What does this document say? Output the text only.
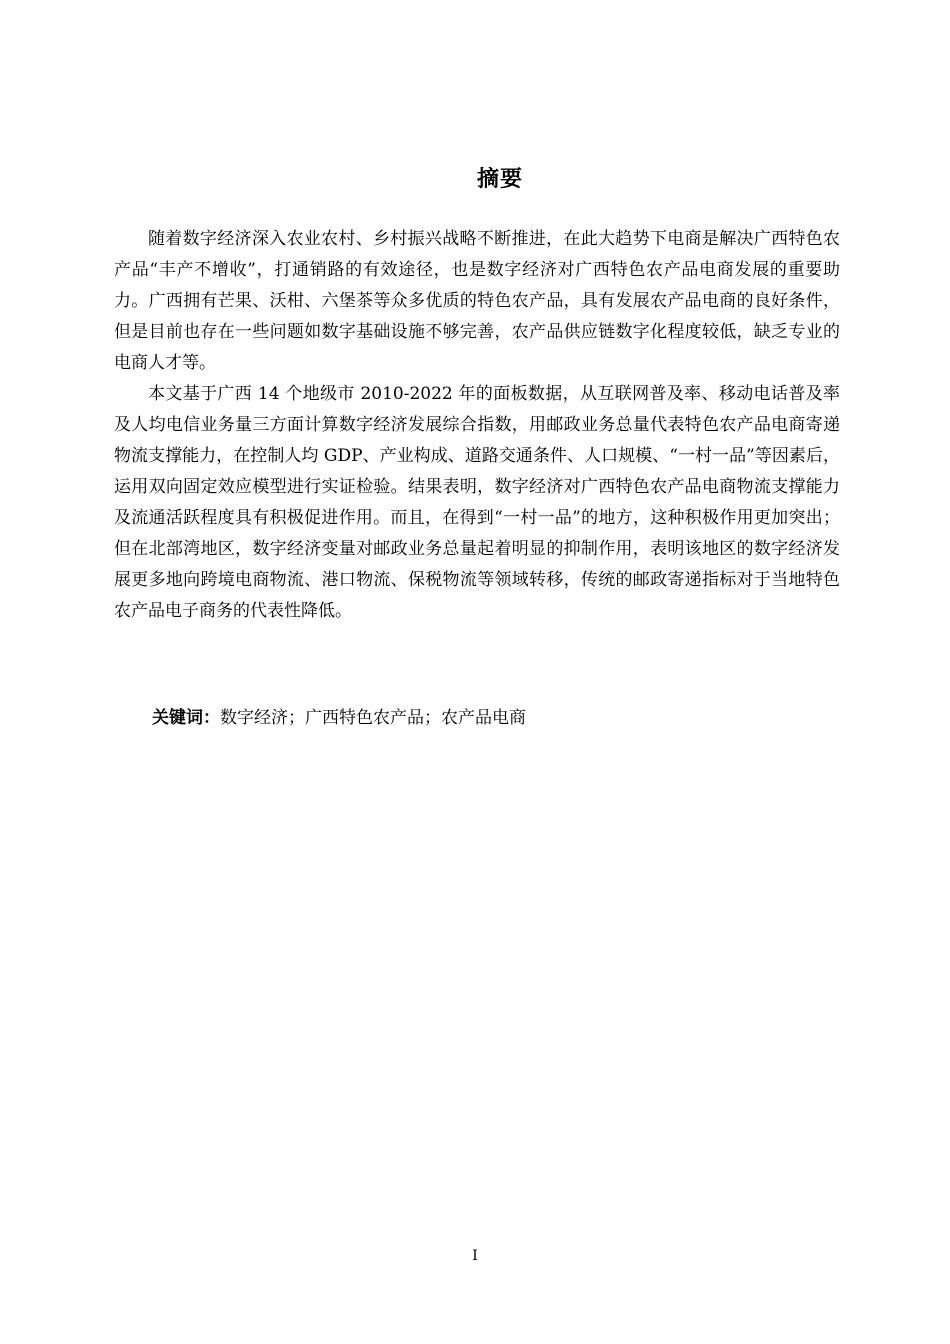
摘要

随着数字经济深入农业农村、乡村振兴战略不断推进，在此大趋势下电商是解决广西特色农产品“丰产不增收”，打通销路的有效途径，也是数字经济对广西特色农产品电商发展的重要助力。广西拥有芒果、沃柑、六堡茶等众多优质的特色农产品，具有发展农产品电商的良好条件，但是目前也存在一些问题如数字基础设施不够完善，农产品供应链数字化程度较低，缺乏专业的电商人才等。

本文基于广西 14 个地级市 2010-2022 年的面板数据，从互联网普及率、移动电话普及率及人均电信业务量三方面计算数字经济发展综合指数，用邮政业务总量代表特色农产品电商寄递物流支撑能力，在控制人均 GDP、产业构成、道路交通条件、人口规模、“一村一品”等因素后，运用双向固定效应模型进行实证检验。结果表明，数字经济对广西特色农产品电商物流支撑能力及流通活跃程度具有积极促进作用。而且，在得到“一村一品”的地方，这种积极作用更加突出；但在北部湾地区，数字经济变量对邮政业务总量起着明显的抑制作用，表明该地区的数字经济发展更多地向跨境电商物流、港口物流、保税物流等领域转移，传统的邮政寄递指标对于当地特色农产品电子商务的代表性降低。

关键词：数字经济；广西特色农产品；农产品电商
I
